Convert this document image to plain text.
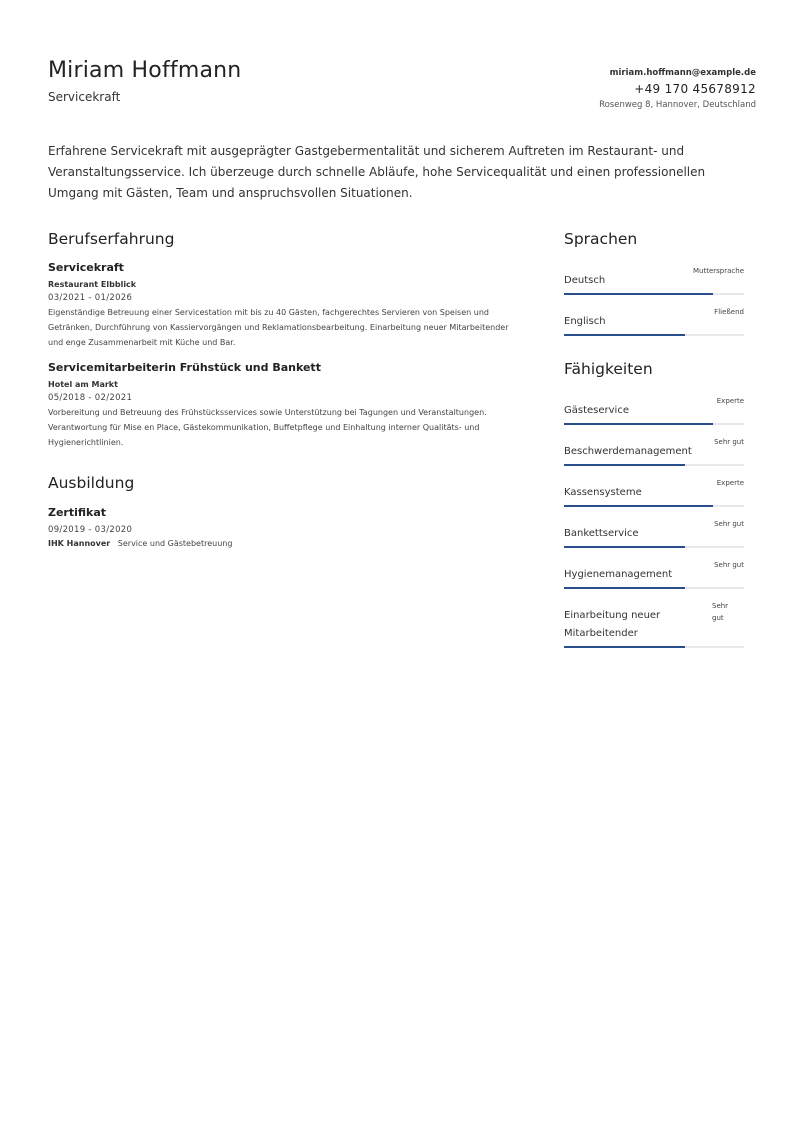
Miriam Hoffmann
Servicekraft
miriam.hoffmann@example.de
+49 170 45678912
Rosenweg 8, Hannover, Deutschland
Erfahrene Servicekraft mit ausgeprägter Gastgebermentalität und sicherem Auftreten im Restaurant- und Veranstaltungsservice. Ich überzeuge durch schnelle Abläufe, hohe Servicequalität und einen professionellen Umgang mit Gästen, Team und anspruchsvollen Situationen.
Berufserfahrung
Servicekraft
Restaurant Elbblick
03/2021 - 01/2026
Eigenständige Betreuung einer Servicestation mit bis zu 40 Gästen, fachgerechtes Servieren von Speisen und Getränken, Durchführung von Kassiervorgängen und Reklamationsbearbeitung. Einarbeitung neuer Mitarbeitender und enge Zusammenarbeit mit Küche und Bar.
Servicemitarbeiterin Frühstück und Bankett
Hotel am Markt
05/2018 - 02/2021
Vorbereitung und Betreuung des Frühstücksservices sowie Unterstützung bei Tagungen und Veranstaltungen. Verantwortung für Mise en Place, Gästekommunikation, Buffetpflege und Einhaltung interner Qualitäts- und Hygienerichtlinien.
Ausbildung
Zertifikat
09/2019 - 03/2020
IHK Hannover Service und Gästebetreuung
Sprachen
Deutsch
Muttersprache
Englisch
Fließend
Fähigkeiten
Gästeservice
Experte
Beschwerdemanagement
Sehr gut
Kassensysteme
Experte
Bankettservice
Sehr gut
Hygienemanagement
Sehr gut
Einarbeitung neuer Mitarbeitender
Sehr gut
